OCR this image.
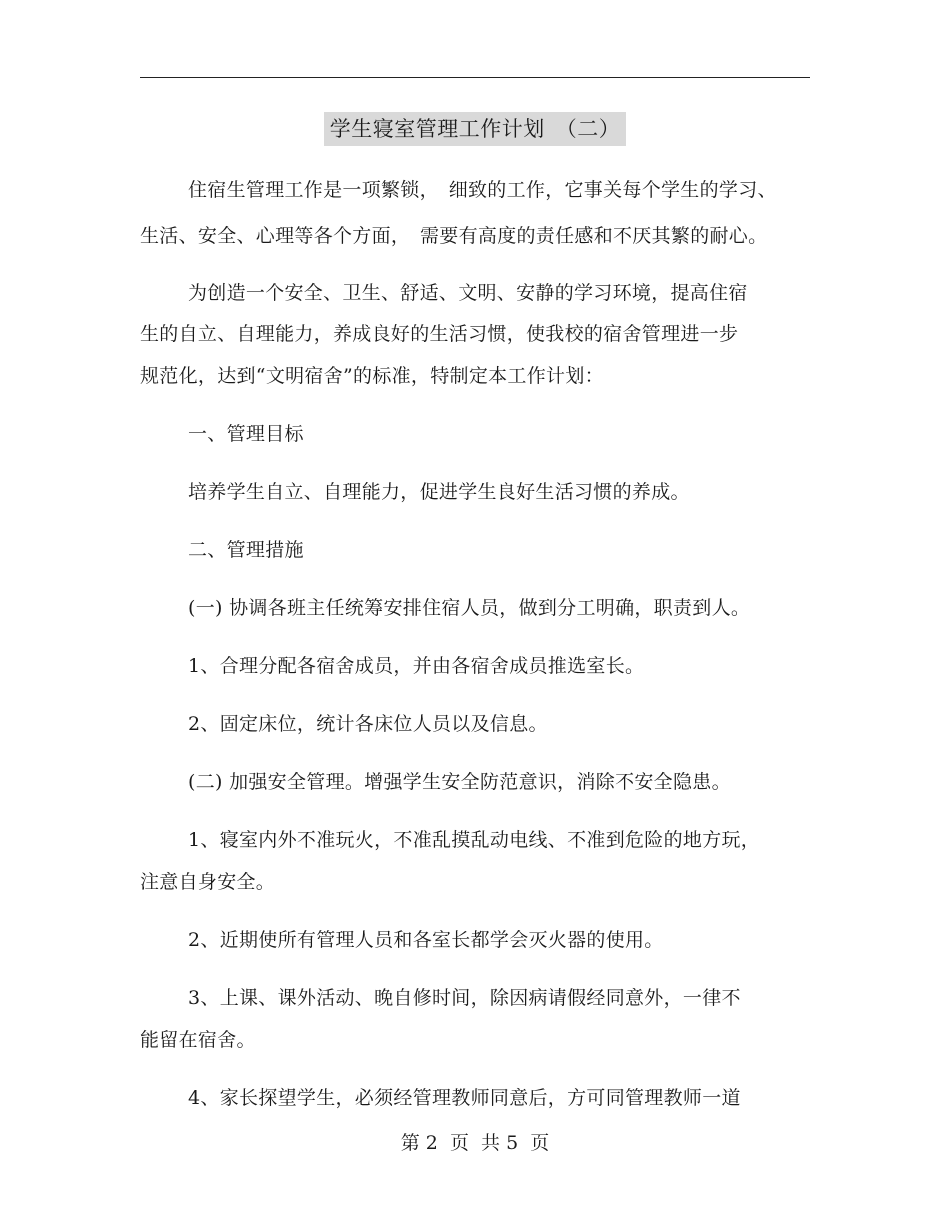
学生寝室管理工作计划　（二）
住宿生管理工作是一项繁锁，　细致的工作，它事关每个学生的学习、
生活、安全、心理等各个方面，　需要有高度的责任感和不厌其繁的耐心。
为创造一个安全、卫生、舒适、文明、安静的学习环境，提高住宿
生的自立、自理能力，养成良好的生活习惯，使我校的宿舍管理进一步
规范化，达到“文明宿舍”的标准，特制定本工作计划：
一、管理目标
培养学生自立、自理能力，促进学生良好生活习惯的养成。
二、管理措施
(一) 协调各班主任统筹安排住宿人员，做到分工明确，职责到人。
1、合理分配各宿舍成员，并由各宿舍成员推选室长。
2、固定床位，统计各床位人员以及信息。
(二) 加强安全管理。增强学生安全防范意识，消除不安全隐患。
1、寝室内外不准玩火，不准乱摸乱动电线、不准到危险的地方玩，
注意自身安全。
2、近期使所有管理人员和各室长都学会灭火器的使用。
3、上课、课外活动、晚自修时间，除因病请假经同意外，一律不
能留在宿舍。
4、家长探望学生，必须经管理教师同意后，方可同管理教师一道
第 2  页  共 5  页
